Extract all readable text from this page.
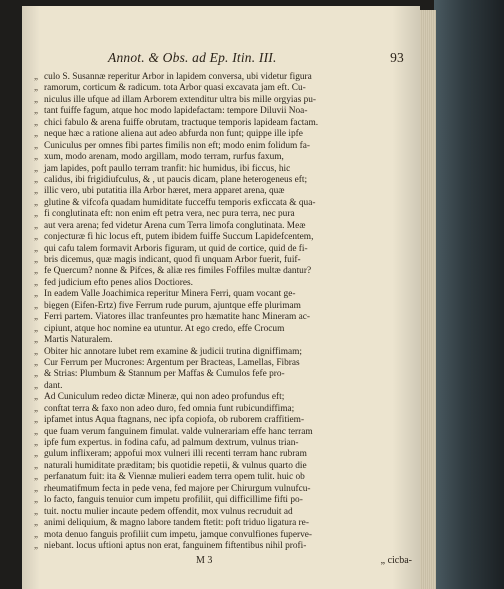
Annot. & Obs. ad Ep. Itin. III.	93
„ culo S. Susannæ reperitur Arbor in lapidem conversa, ubi videtur figura
„ ramorum, corticum & radicum. tota Arbor quasi excavata jam eft. Cu-
„ niculus ille ufque ad illam Arborem extenditur ultra bis mille orgyias pu-
„ tant fuiffe fagum, atque hoc modo lapidefactam: tempore Diluvii Noa-
„ chici fabulo & arena fuiffe obrutam, tractuque temporis lapideam factam.
„ neque hæc a ratione aliena aut adeo abfurda non funt; quippe ille ipfe
„ Cuniculus per omnes fibi partes fimilis non eft; modo enim folidum fa-
„ xum, modo arenam, modo argillam, modo terram, rurfus faxum,
„ jam lapides, poft paullo terram tranfit: hic humidus, ibi ficcus, hic
„ calidus, ibi frigidiufculus, & , ut paucis dicam, plane heterogeneus eft;
„ illic vero, ubi putatitia illa Arbor hæret, mera apparet arena, quæ
„ glutine & vifcofa quadam humiditate fucceffu temporis exficcata & qua-
„ fi conglutinata eft: non enim eft petra vera, nec pura terra, nec pura
„ aut vera arena; fed videtur Arena cum Terra limofa conglutinata. Meæ
„ conjecturæ fi hic locus eft, putem ibidem fuiffe Succum Lapidefcentem,
„ qui cafu talem formavit Arboris figuram, ut quid de cortice, quid de fi-
„ bris dicemus, quæ magis indicant, quod fi unquam Arbor fuerit, fuif-
„ fe Quercum? nonne & Pifces, & aliæ res fimiles Foffiles multæ dantur?
„ fed judicium efto penes alios Doctiores.
„ In eadem Valle Joachimica reperitur Minera Ferri, quam vocant ge-
„ bie̱gen (Eifen-Ertz) five Ferrum rude purum, ajuntque effe plurimam
„ Ferri partem. Viatores illac tranfeuntes pro hæmatite hanc Mineram ac-
„ cipiunt, atque hoc nomine ea utuntur. At ego credo, effe Crocum
„ Martis Naturalem.
„ Obiter hic annotare lubet rem examine & judicii trutina digniffimam;
„ Cur Ferrum per Mucrones: Argentum per Bracteas, Lamellas, Fibras
„ & Strias: Plumbum & Stannum per Maffas & Cumulos fefe pro-
„ dant.
„ Ad Cuniculum redeo dictæ Mineræ, qui non adeo profundus eft;
„ conftat terra & faxo non adeo duro, fed omnia funt rubicundiffima;
„ ipfamet intus Aqua ftagnans, nec ipfa copiofa, ob ruborem craffitiem-
„ que fuam verum fanguinem fimulat. valde vulnerariam effe hanc terram
„ ipfe fum expertus. in fodina cafu, ad palmum dextrum, vulnus trian-
„ gulum inflixeram; appofui mox vulneri illi recenti terram hanc rubram
„ naturali humiditate præditam; bis quotidie repetii, & vulnus quarto die
„ perfanatum fuit: ita & Viennæ mulieri eadem terra opem tulit. huic ob
„ rheumatifmum fecta in pede vena, fed majore per Chirurgum vulnufcu-
„ lo facto, fanguis tenuior cum impetu profiliit, qui difficillime fifti po-
„ tuit. noctu mulier incaute pedem offendit, mox vulnus recruduit ad
„ animi deliquium, & magno labore tandem ftetit: poft triduo ligatura re-
„ mota denuo fanguis profiliit cum impetu, jamque convulfiones fuperve-
„ niebant. locus uftioni aptus non erat, fanguinem fiftentibus nihil profi-
M 3	„ cicba-
